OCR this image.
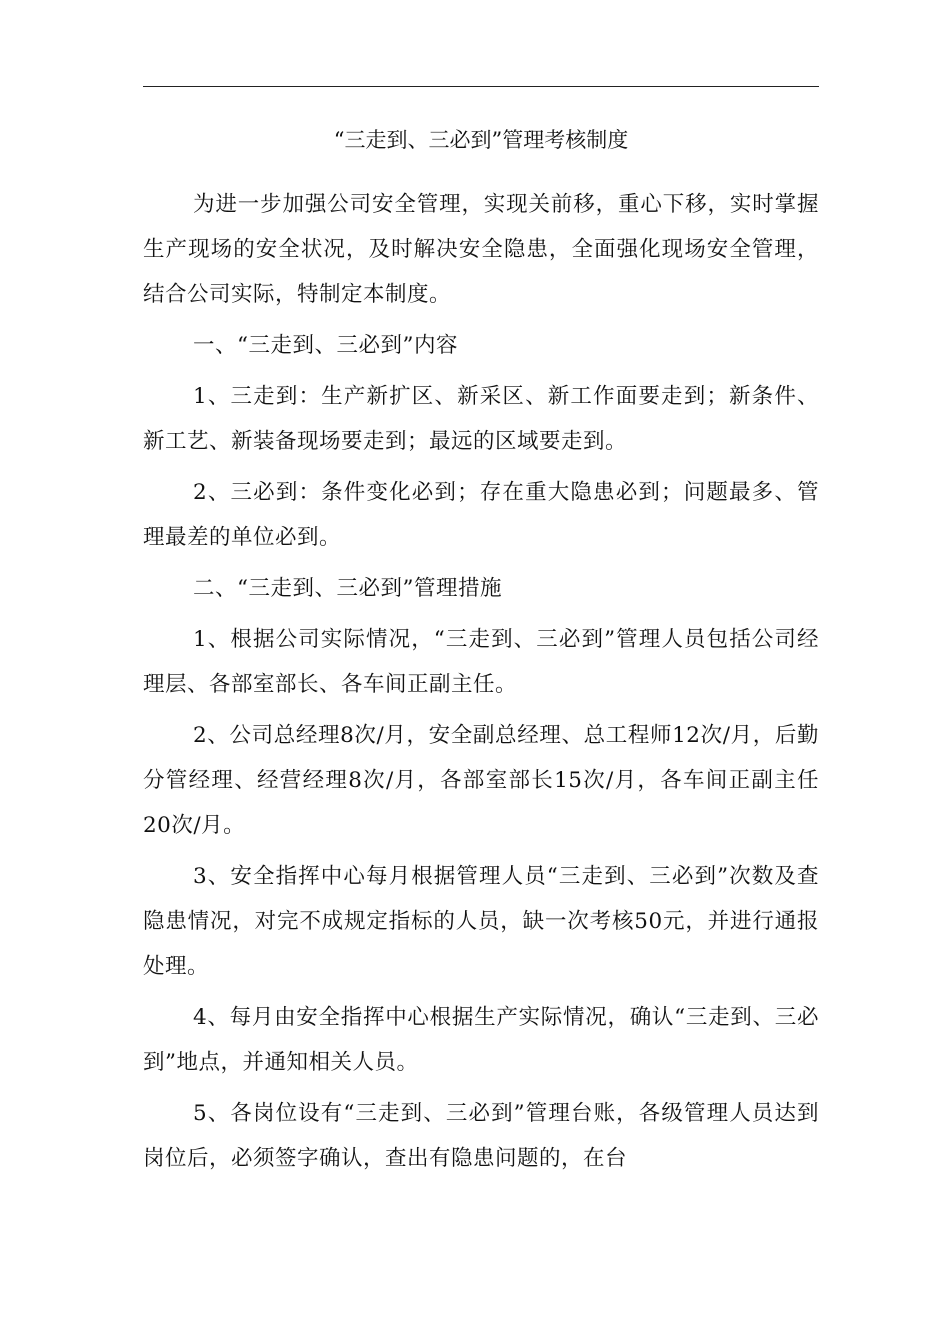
“三走到、三必到”管理考核制度

为进一步加强公司安全管理，实现关前移，重心下移，实时掌握生产现场的安全状况，及时解决安全隐患，全面强化现场安全管理，结合公司实际，特制定本制度。

一、“三走到、三必到”内容

1、三走到：生产新扩区、新采区、新工作面要走到；新条件、新工艺、新装备现场要走到；最远的区域要走到。

2、三必到：条件变化必到；存在重大隐患必到；问题最多、管理最差的单位必到。

二、“三走到、三必到”管理措施

1、根据公司实际情况，“三走到、三必到”管理人员包括公司经理层、各部室部长、各车间正副主任。

2、公司总经理8次/月，安全副总经理、总工程师12次/月，后勤分管经理、经营经理8次/月，各部室部长15次/月，各车间正副主任20次/月。

3、安全指挥中心每月根据管理人员“三走到、三必到”次数及查隐患情况，对完不成规定指标的人员，缺一次考核50元，并进行通报处理。

4、每月由安全指挥中心根据生产实际情况，确认“三走到、三必到”地点，并通知相关人员。

5、各岗位设有“三走到、三必到”管理台账，各级管理人员达到岗位后，必须签字确认，查出有隐患问题的，在台
